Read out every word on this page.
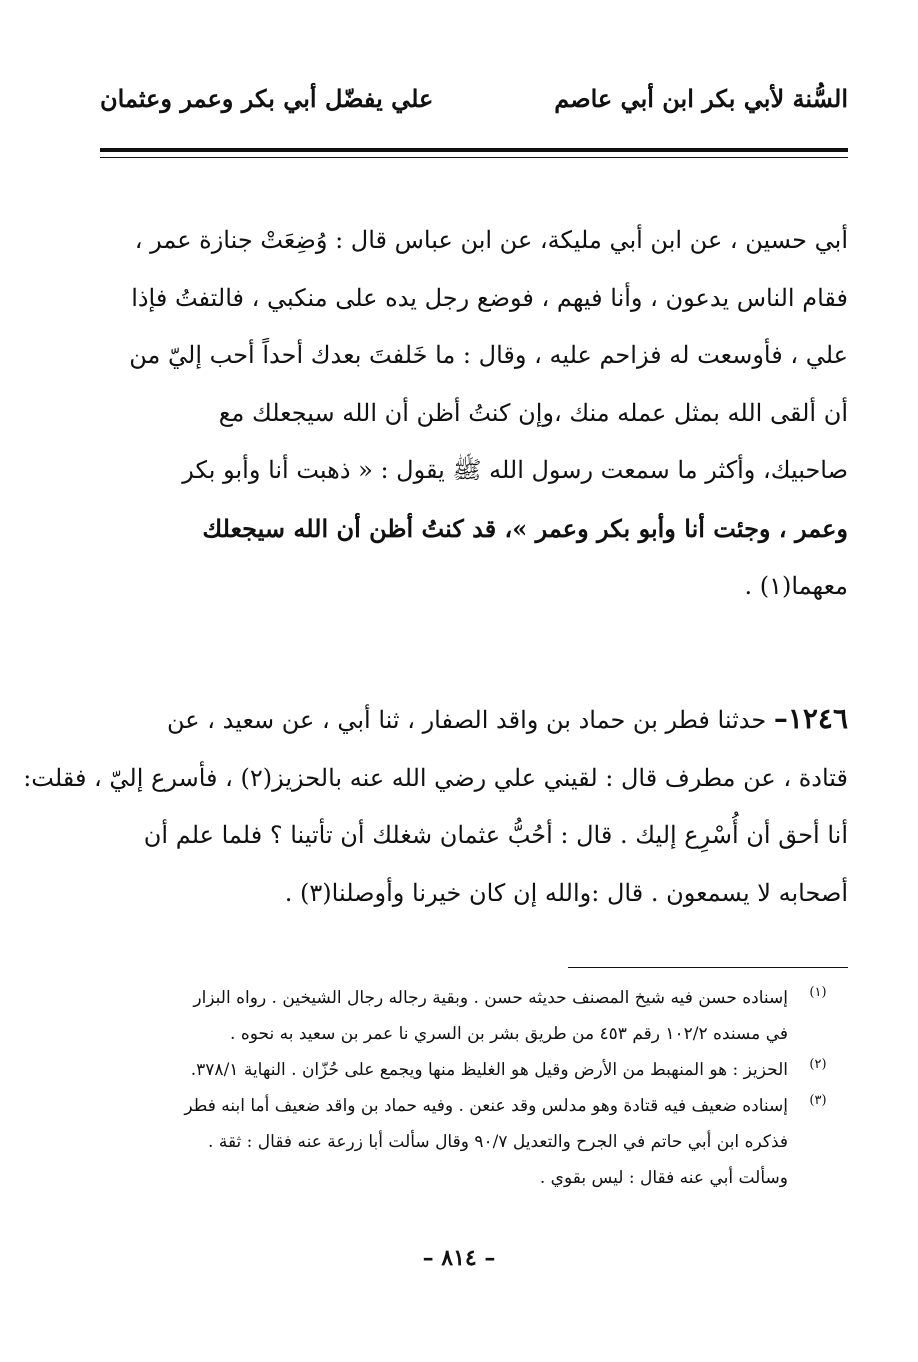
السُّنة لأبي بكر ابن أبي عاصم
علي يفضّل أبي بكر وعمر وعثمان
أبي حسين ، عن ابن أبي مليكة، عن ابن عباس قال : وُضِعَتْ جنازة عمر ،
فقام الناس يدعون ، وأنا فيهم ، فوضع رجل يده على منكبي ، فالتفتُ فإذا
علي ، فأوسعت له فزاحم عليه ، وقال : ما خَلفتَ بعدك أحداً أحب إليّ من
أن ألقى الله بمثل عمله منك ،وإن كنتُ أظن أن الله سيجعلك مع
صاحبيك، وأكثر ما سمعت رسول الله ﷺ يقول : « ذهبت أنا وأبو بكر
وعمر ، وجئت أنا وأبو بكر وعمر »، قد كنتُ أظن أن الله سيجعلك
معهما(١) .
١٢٤٦– حدثنا فطر بن حماد بن واقد الصفار ، ثنا أبي ، عن سعيد ، عن
قتادة ، عن مطرف قال : لقيني علي رضي الله عنه بالحزيز(٢) ، فأسرع إليّ ، فقلت:
أنا أحق أن أُسْرِع إليك . قال : أحُبُّ عثمان شغلك أن تأتينا ؟ فلما علم أن
أصحابه لا يسمعون . قال :والله إن كان خيرنا وأوصلنا(٣) .
(١)
إسناده حسن فيه شيخ المصنف حديثه حسن . وبقية رجاله رجال الشيخين . رواه البزار
في مسنده ١٠٢/٢ رقم ٤٥٣ من طريق بشر بن السري نا عمر بن سعيد به نحوه .
(٢)
الحزيز : هو المنهبط من الأرض وقيل هو الغليظ منها ويجمع على حُزّان . النهاية ٣٧٨/١.
(٣)
إسناده ضعيف فيه قتادة وهو مدلس وقد عنعن . وفيه حماد بن واقد ضعيف أما ابنه فطر
فذكره ابن أبي حاتم في الجرح والتعديل ٩٠/٧ وقال سألت أبا زرعة عنه فقال : ثقة .
وسألت أبي عنه فقال : ليس بقوي .
– ٨١٤ –
